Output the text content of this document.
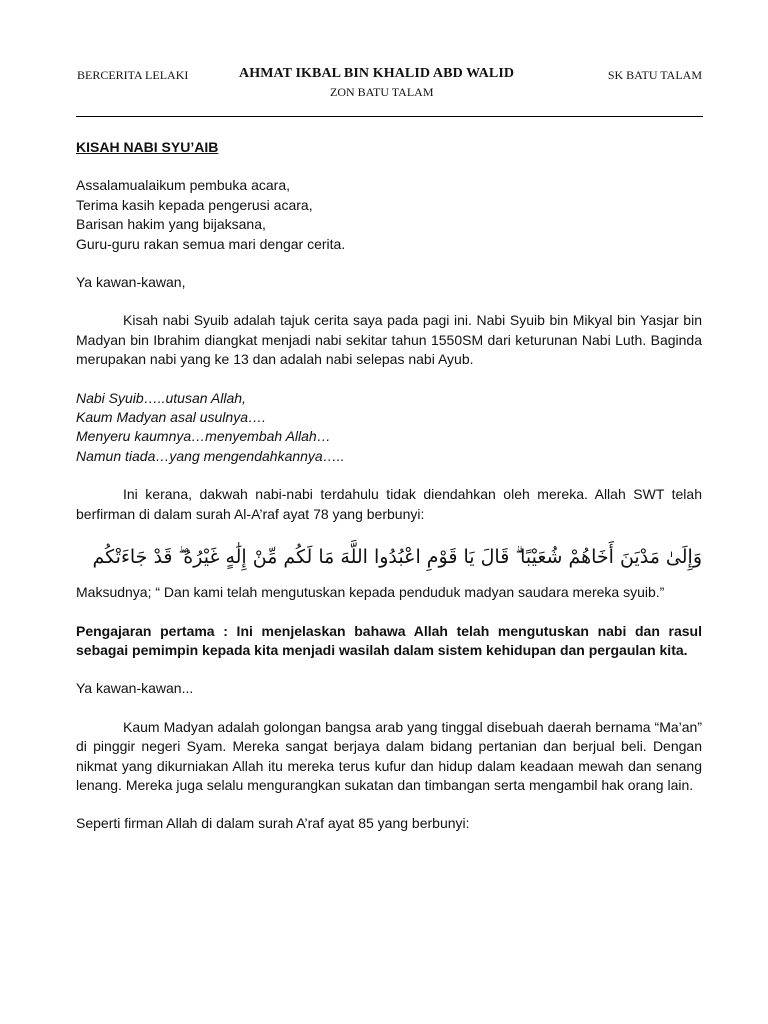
BERCERITA LELAKI	AHMAT IKBAL BIN KHALID ABD WALID	SK BATU TALAM
ZON BATU TALAM

KISAH NABI SYU’AIB

Assalamualaikum pembuka acara,

Terima kasih kepada pengerusi acara,

Barisan hakim yang bijaksana,

Guru-guru rakan semua mari dengar cerita.

Ya kawan-kawan,

Kisah nabi Syuib adalah tajuk cerita saya pada pagi ini. Nabi Syuib bin Mikyal bin Yasjar bin Madyan bin Ibrahim diangkat menjadi nabi sekitar tahun 1550SM dari keturunan Nabi Luth. Baginda merupakan nabi yang ke 13 dan adalah nabi selepas nabi Ayub.

Nabi Syuib…..utusan Allah,

Kaum Madyan asal usulnya….

Menyeru kaumnya…menyembah Allah…

Namun tiada…yang mengendahkannya…..

Ini kerana, dakwah nabi-nabi terdahulu tidak diendahkan oleh mereka. Allah SWT telah berfirman di dalam surah Al-A’raf ayat 78 yang berbunyi:

وَإِلَىٰ مَدْيَنَ أَخَاهُمْ شُعَيْبًا ۗ قَالَ يَا قَوْمِ اعْبُدُوا اللَّهَ مَا لَكُم مِّنْ إِلَٰهٍ غَيْرُهُ ۖ قَدْ جَاءَتْكُم

Maksudnya; “ Dan kami telah mengutuskan kepada penduduk madyan saudara mereka syuib.”

Pengajaran pertama : Ini menjelaskan bahawa Allah telah mengutuskan nabi dan rasul sebagai pemimpin kepada kita menjadi wasilah dalam sistem kehidupan dan pergaulan kita.

Ya kawan-kawan...

Kaum Madyan adalah golongan bangsa arab yang tinggal disebuah daerah bernama “Ma’an” di pinggir negeri Syam. Mereka sangat berjaya dalam bidang pertanian dan berjual beli. Dengan nikmat yang dikurniakan Allah itu mereka terus kufur dan hidup dalam keadaan mewah dan senang lenang. Mereka juga selalu mengurangkan sukatan dan timbangan serta mengambil hak orang lain.

Seperti firman Allah di dalam surah A’raf ayat 85 yang berbunyi:
